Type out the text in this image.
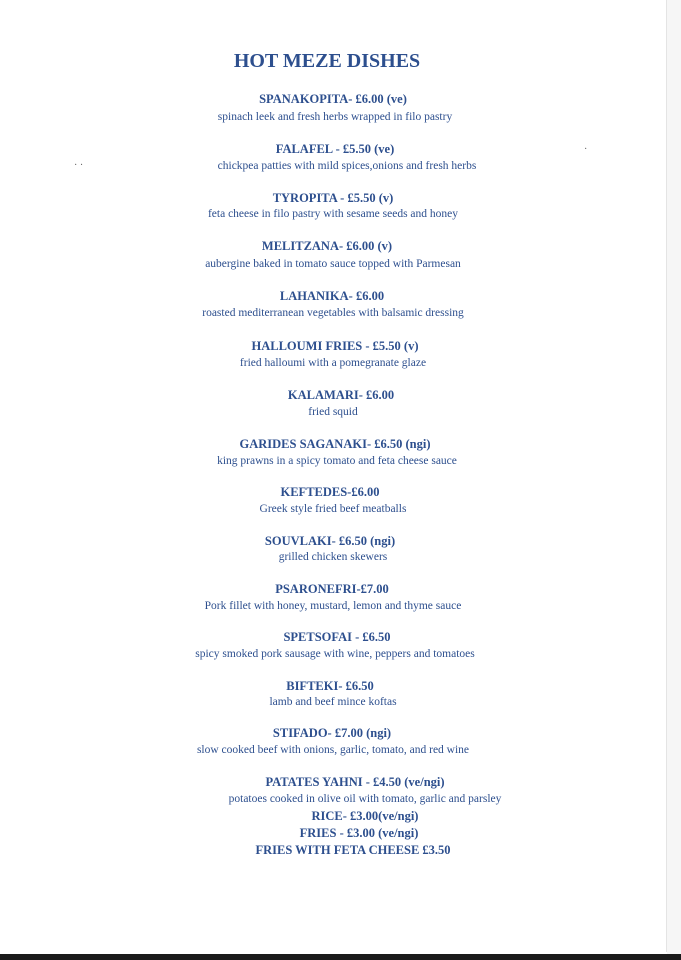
HOT MEZE DISHES
· ·
·
SPANAKOPITA- £6.00 (ve)
spinach leek and fresh herbs wrapped in filo pastry
FALAFEL - £5.50 (ve)
chickpea patties with mild spices,onions and fresh herbs
TYROPITA - £5.50 (v)
feta cheese in filo pastry with sesame seeds and honey
MELITZANA- £6.00 (v)
aubergine baked in tomato sauce topped with Parmesan
LAHANIKA- £6.00
roasted mediterranean vegetables with balsamic dressing
HALLOUMI FRIES - £5.50 (v)
fried halloumi with a pomegranate glaze
KALAMARI- £6.00
fried squid
GARIDES SAGANAKI- £6.50 (ngi)
king prawns in a spicy tomato and feta cheese sauce
KEFTEDES-£6.00
Greek style fried beef meatballs
SOUVLAKI- £6.50 (ngi)
grilled chicken skewers
PSARONEFRI-£7.00
Pork fillet with honey, mustard, lemon and thyme sauce
SPETSOFAI - £6.50
spicy smoked pork sausage with wine, peppers and tomatoes
BIFTEKI- £6.50
lamb and beef mince koftas
STIFADO- £7.00 (ngi)
slow cooked beef with onions, garlic, tomato, and red wine
PATATES YAHNI - £4.50 (ve/ngi)
potatoes cooked in olive oil with tomato, garlic and parsley
RICE- £3.00(ve/ngi)
FRIES - £3.00 (ve/ngi)
FRIES WITH FETA CHEESE £3.50
